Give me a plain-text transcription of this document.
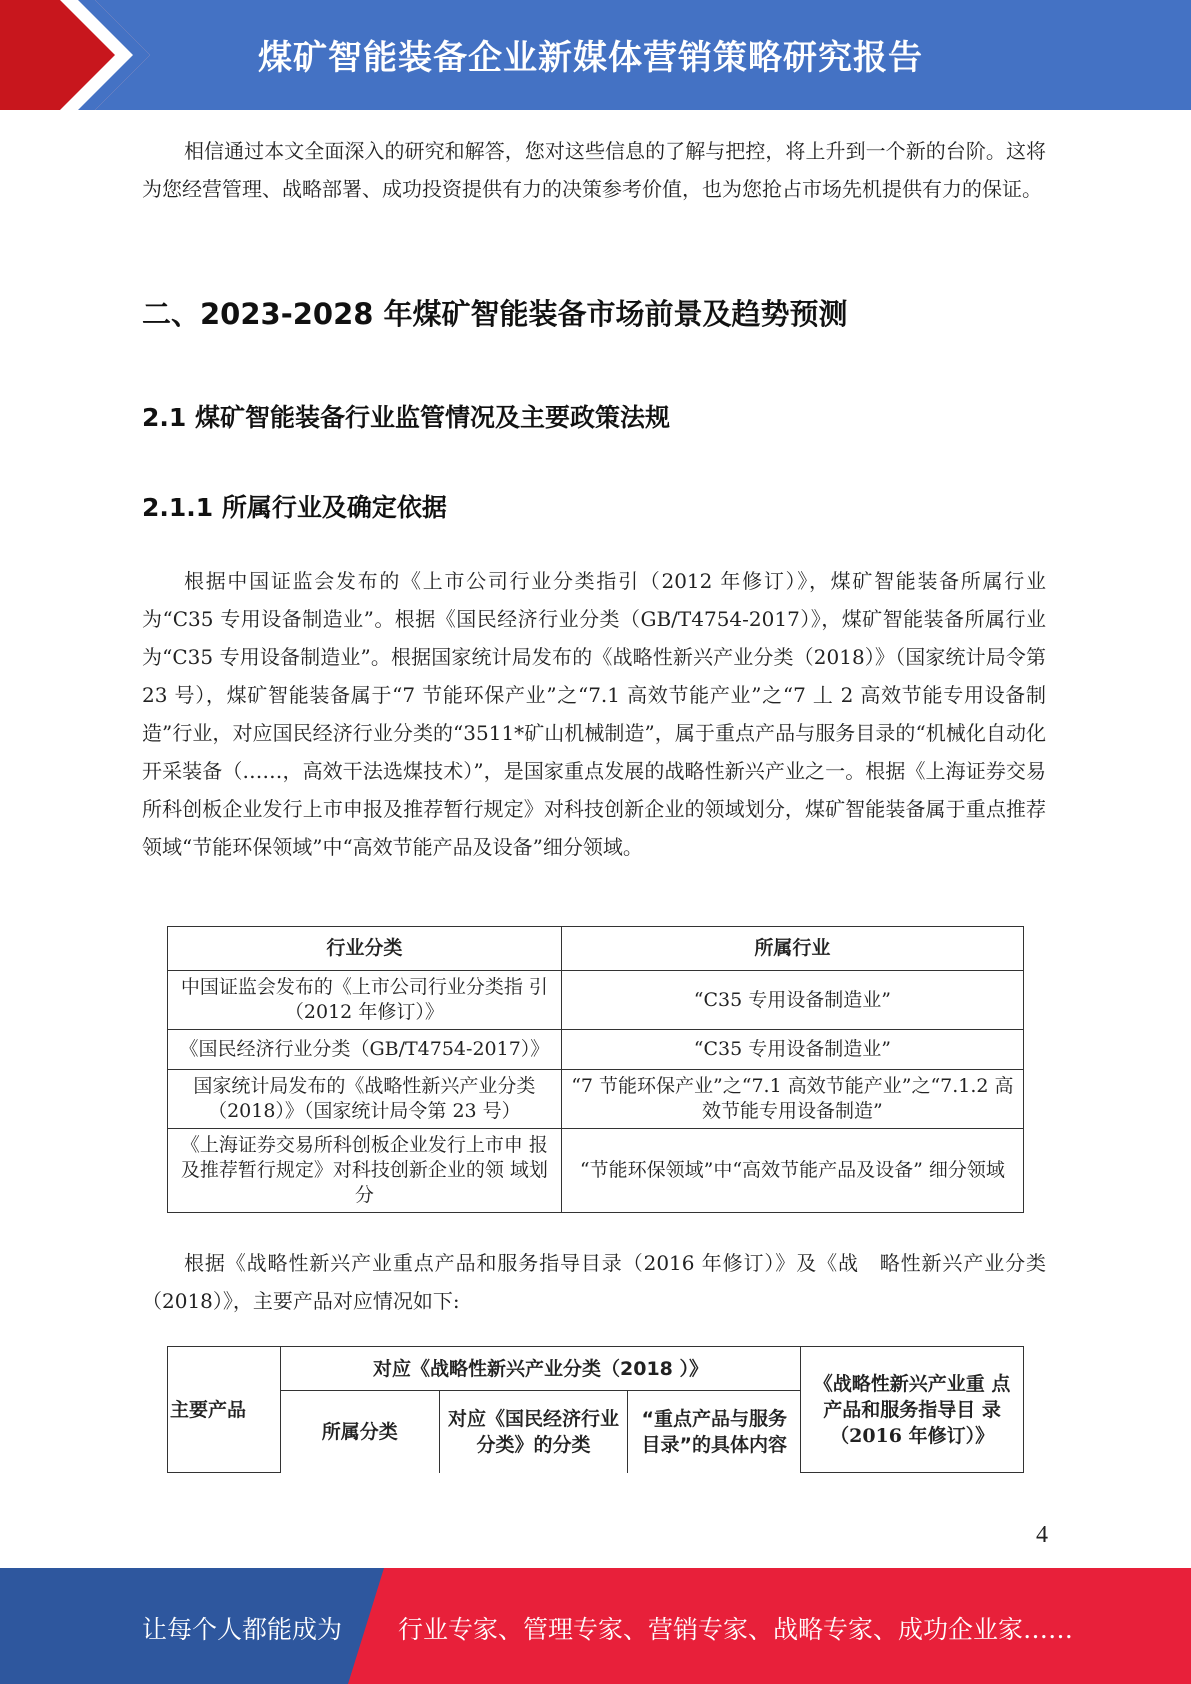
煤矿智能装备企业新媒体营销策略研究报告

相信通过本文全面深入的研究和解答，您对这些信息的了解与把控，将上升到一个新的台阶。这将为您经营管理、战略部署、成功投资提供有力的决策参考价值，也为您抢占市场先机提供有力的保证。

二、2023-2028 年煤矿智能装备市场前景及趋势预测
2.1 煤矿智能装备行业监管情况及主要政策法规
2.1.1 所属行业及确定依据

根据中国证监会发布的《上市公司行业分类指引（2012 年修订）》，煤矿智能装备所属行业为“C35 专用设备制造业”。根据《国民经济行业分类（GB/T4754-2017）》，煤矿智能装备所属行业为“C35 专用设备制造业”。根据国家统计局发布的《战略性新兴产业分类（2018）》（国家统计局令第 23 号），煤矿智能装备属于“7 节能环保产业”之“7.1 高效节能产业”之“7 丄 2 高效节能专用设备制造”行业，对应国民经济行业分类的“3511*矿山机械制造”，属于重点产品与服务目录的“机械化自动化开采装备（……，高效干法选煤技术）”，是国家重点发展的战略性新兴产业之一。根据《上海证券交易所科创板企业发行上市申报及推荐暂行规定》对科技创新企业的领域划分，煤矿智能装备属于重点推荐领域“节能环保领域”中“高效节能产品及设备”细分领域。

行业分类	所属行业
中国证监会发布的《上市公司行业分类指 引（2012 年修订）》	“C35 专用设备制造业”
《国民经济行业分类（GB/T4754-2017）》	“C35 专用设备制造业”
国家统计局发布的《战略性新兴产业分类（2018）》（国家统计局令第 23 号）	“7 节能环保产业”之“7.1 高效节能产业”之“7.1.2 高效节能专用设备制造”
《上海证券交易所科创板企业发行上市申 报及推荐暂行规定》对科技创新企业的领 域划分	“节能环保领域”中“高效节能产品及设备” 细分领域

根据《战略性新兴产业重点产品和服务指导目录（2016 年修订）》及《战　略性新兴产业分类（2018）》，主要产品对应情况如下:

主要产品	对应《战略性新兴产业分类（2018 ）》			《战略性新兴产业重 点产品和服务指导目 录（2016 年修订）》
	所属分类	对应《国民经济行业分类》的分类	“重点产品与服务目录”的具体内容	
4
让每个人都能成为 行业专家、管理专家、营销专家、战略专家、成功企业家……
